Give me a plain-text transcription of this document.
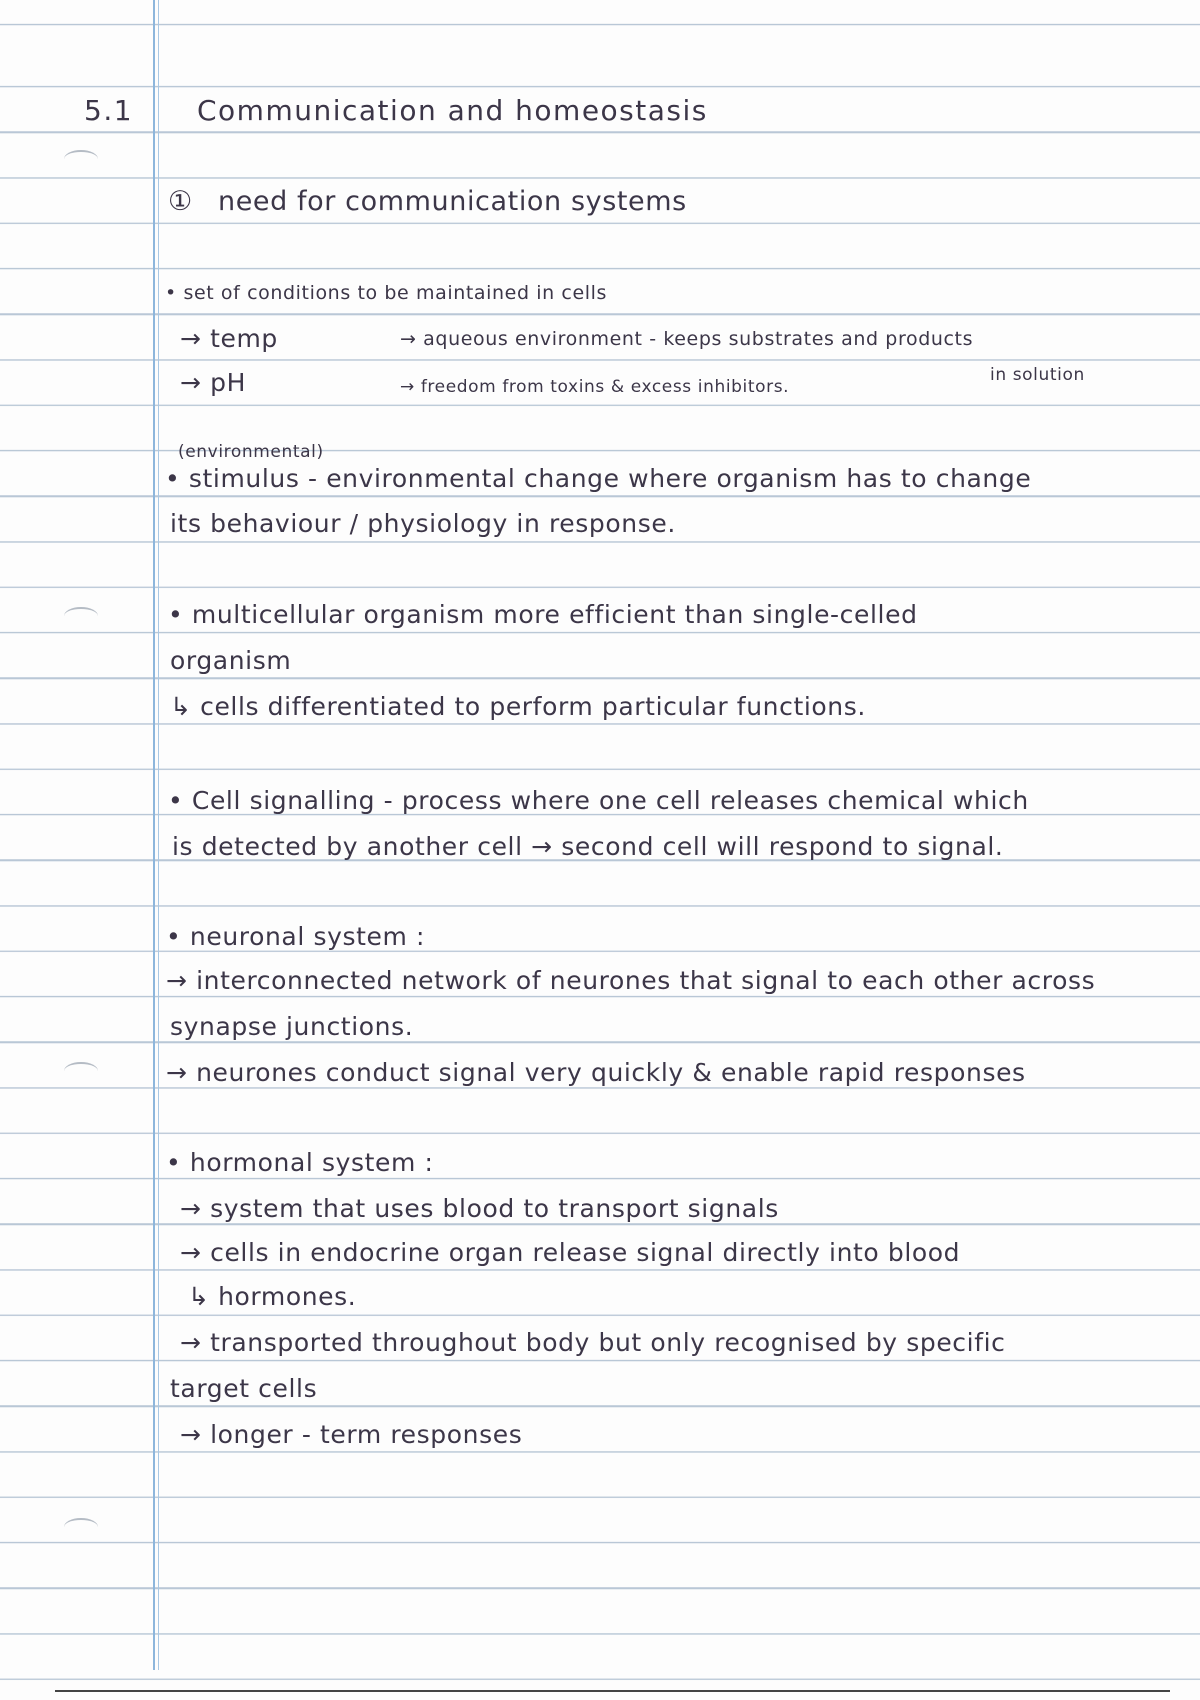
5.1 Communication and homeostasis
① need for communication systems
• set of conditions to be maintained in cells
→ temp
→ pH
→ aqueous environment - keeps substrates and products
in solution
→ freedom from toxins & excess inhibitors.
(environmental)
• stimulus - environmental change where organism has to change
its behaviour / physiology in response.
• multicellular organism more efficient than single-celled
organism
↳ cells differentiated to perform particular functions.
• Cell signalling - process where one cell releases chemical which
is detected by another cell → second cell will respond to signal.
• neuronal system :
→ interconnected network of neurones that signal to each other across
synapse junctions.
→ neurones conduct signal very quickly & enable rapid responses
• hormonal system :
→ system that uses blood to transport signals
→ cells in endocrine organ release signal directly into blood
↳ hormones.
→ transported throughout body but only recognised by specific
target cells
→ longer - term responses
